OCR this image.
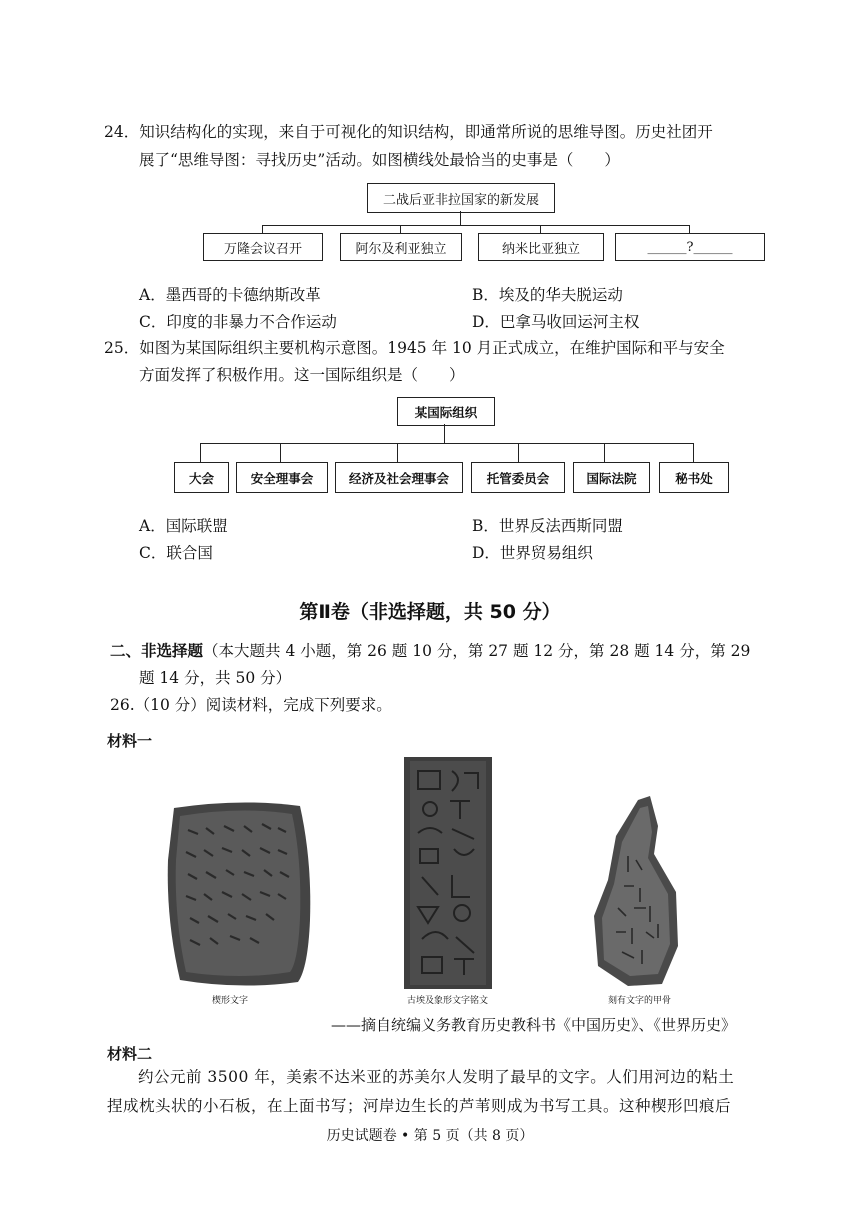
24．知识结构化的实现，来自于可视化的知识结构，即通常所说的思维导图。历史社团开
展了“思维导图：寻找历史”活动。如图横线处最恰当的史事是（　　）
二战后亚非拉国家的新发展
万隆会议召开	阿尔及利亚独立	纳米比亚独立	______?______
A．墨西哥的卡德纳斯改革	B．埃及的华夫脱运动
C．印度的非暴力不合作运动	D．巴拿马收回运河主权
25．如图为某国际组织主要机构示意图。1945 年 10 月正式成立，在维护国际和平与安全
方面发挥了积极作用。这一国际组织是（　　）
某国际组织
大会	安全理事会	经济及社会理事会	托管委员会	国际法院	秘书处
A．国际联盟	B．世界反法西斯同盟
C．联合国	D．世界贸易组织
第Ⅱ卷（非选择题，共 50 分）
二、非选择题（本大题共 4 小题，第 26 题 10 分，第 27 题 12 分，第 28 题 14 分，第 29
题 14 分，共 50 分）
26.（10 分）阅读材料，完成下列要求。
材料一
楔形文字	古埃及象形文字铭文	刻有文字的甲骨
——摘自统编义务教育历史教科书《中国历史》、《世界历史》
材料二
约公元前 3500 年，美索不达米亚的苏美尔人发明了最早的文字。人们用河边的粘土
捏成枕头状的小石板，在上面书写；河岸边生长的芦苇则成为书写工具。这种楔形凹痕后
历史试题卷 • 第 5 页（共 8 页）
